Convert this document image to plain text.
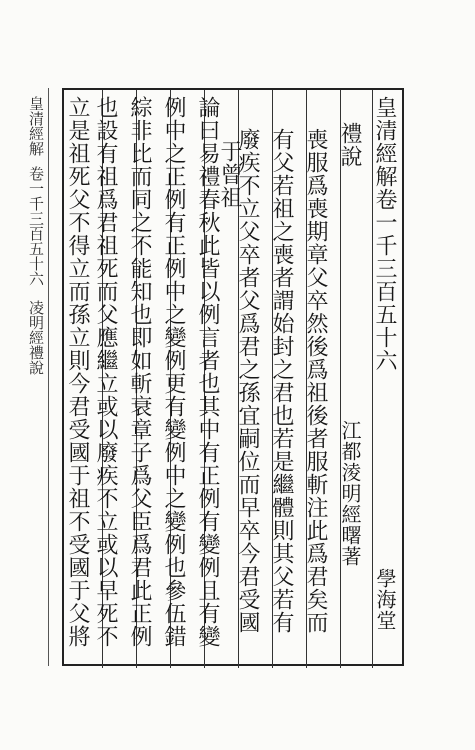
皇清經解卷一千三百五十六
學海堂
禮說
江都淩明經曙著
喪服爲喪期章父卒然後爲祖後者服斬注此爲君矣而
有父若祖之喪者謂始封之君也若是繼體則其父若有
廢疾不立父卒者父爲君之孫宜嗣位而早卒今君受國
于曾祖
論曰易禮春秋此皆以例言者也其中有正例有變例且有變
例中之正例有正例中之變例更有變例中之變例也參伍錯
綜非比而同之不能知也即如斬衰章子爲父臣爲君此正例
也設有祖爲君祖死而父應繼立或以廢疾不立或以早死不
立是祖死父不得立而孫立則今君受國于祖不受國于父將
皇清經解
卷一千三百五十六
凌明經禮說
